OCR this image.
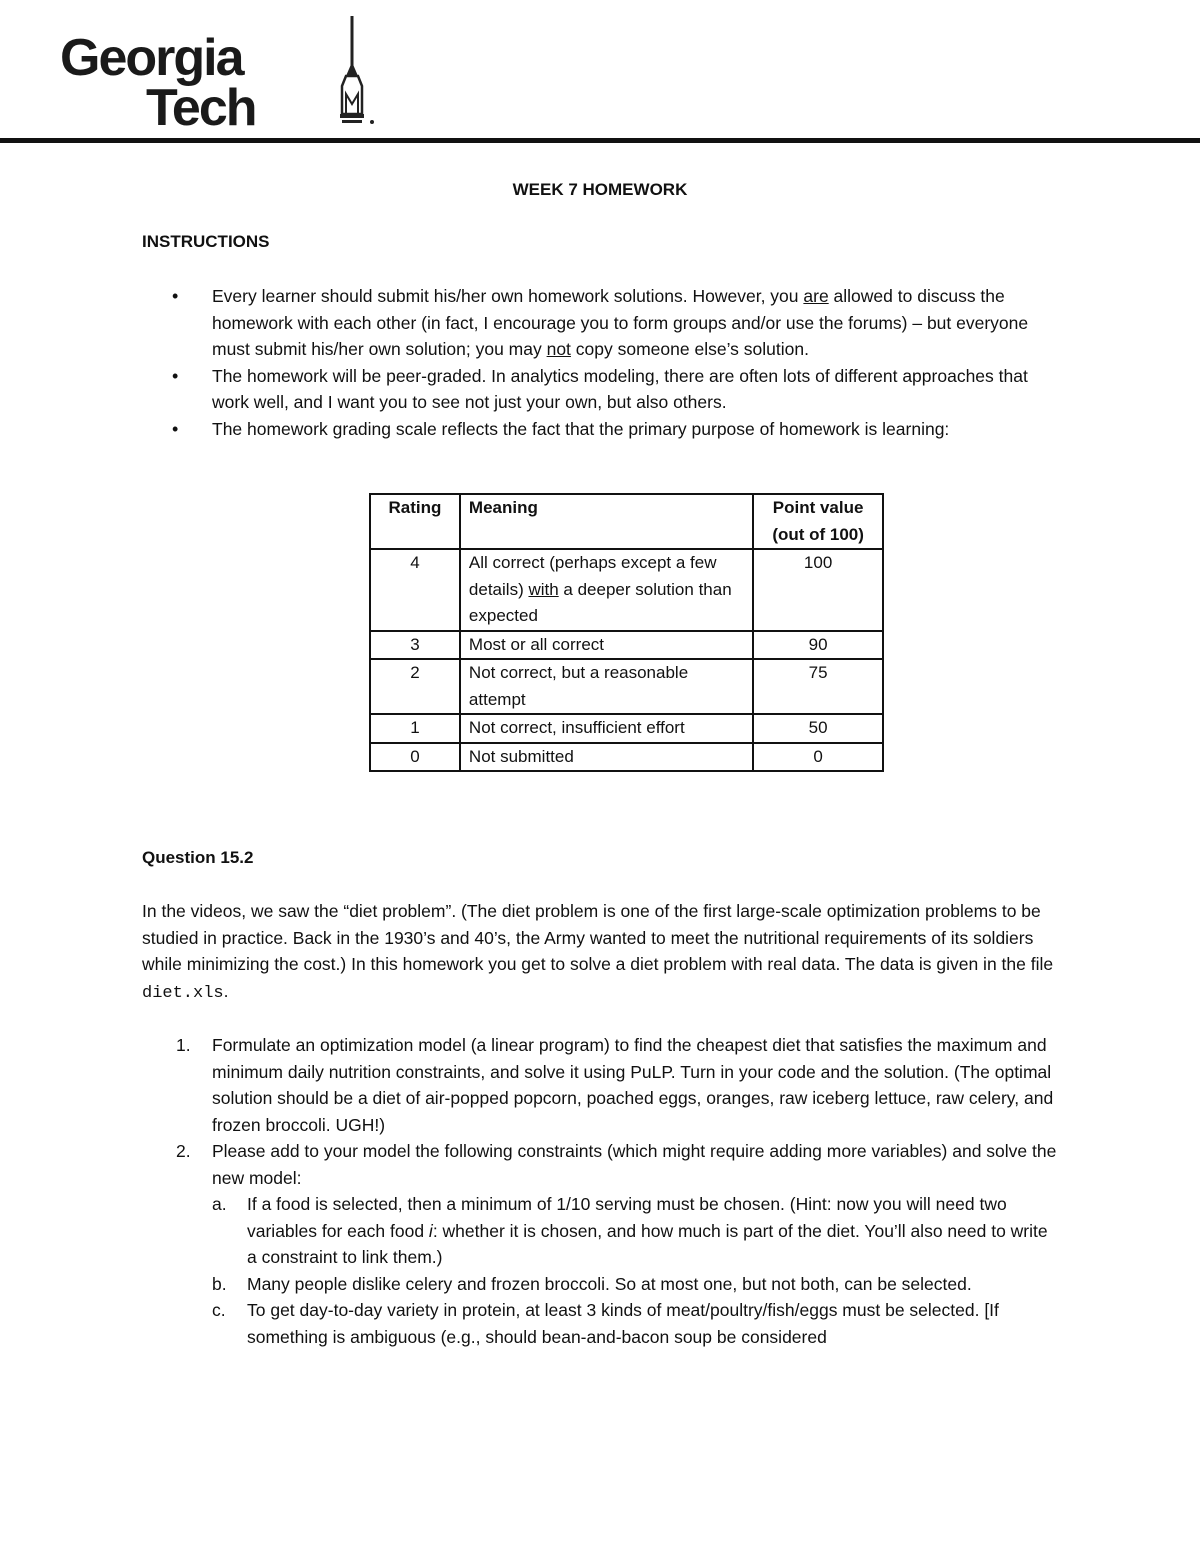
Georgia
Tech
WEEK 7 HOMEWORK
INSTRUCTIONS
• Every learner should submit his/her own homework solutions. However, you are allowed to discuss the homework with each other (in fact, I encourage you to form groups and/or use the forums) – but everyone must submit his/her own solution; you may not copy someone else’s solution.
• The homework will be peer-graded. In analytics modeling, there are often lots of different approaches that work well, and I want you to see not just your own, but also others.
• The homework grading scale reflects the fact that the primary purpose of homework is learning:
Rating	Meaning	Point value
(out of 100)
4	All correct (perhaps except a few details) with a deeper solution than expected	100
3	Most or all correct	90
2	Not correct, but a reasonable attempt	75
1	Not correct, insufficient effort	50
0	Not submitted	0
Question 15.2

In the videos, we saw the “diet problem”. (The diet problem is one of the first large-scale optimization problems to be studied in practice. Back in the 1930’s and 40’s, the Army wanted to meet the nutritional requirements of its soldiers while minimizing the cost.) In this homework you get to solve a diet problem with real data. The data is given in the file diet.xls.

1. Formulate an optimization model (a linear program) to find the cheapest diet that satisfies the maximum and minimum daily nutrition constraints, and solve it using PuLP. Turn in your code and the solution. (The optimal solution should be a diet of air-popped popcorn, poached eggs, oranges, raw iceberg lettuce, raw celery, and frozen broccoli. UGH!)
2. Please add to your model the following constraints (which might require adding more variables) and solve the new model:
a. If a food is selected, then a minimum of 1/10 serving must be chosen. (Hint: now you will need two variables for each food i: whether it is chosen, and how much is part of the diet. You’ll also need to write a constraint to link them.)
b. Many people dislike celery and frozen broccoli. So at most one, but not both, can be selected.
c. To get day-to-day variety in protein, at least 3 kinds of meat/poultry/fish/eggs must be selected. [If something is ambiguous (e.g., should bean-and-bacon soup be considered
